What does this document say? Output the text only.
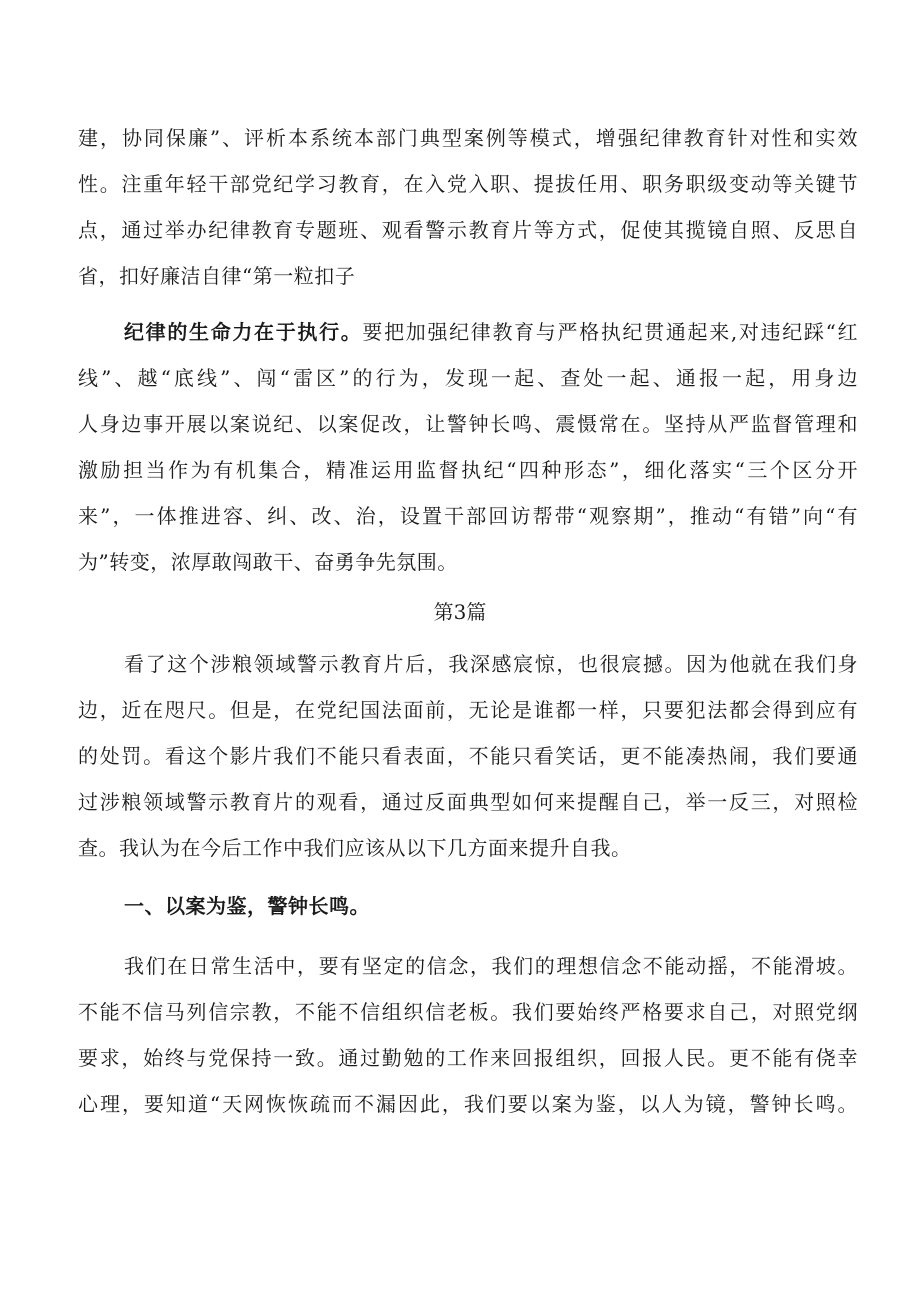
建，协同保廉”、评析本系统本部门典型案例等模式，增强纪律教育针对性和实效
性。注重年轻干部党纪学习教育，在入党入职、提拔任用、职务职级变动等关键节
点，通过举办纪律教育专题班、观看警示教育片等方式，促使其揽镜自照、反思自
省，扣好廉洁自律“第一粒扣子
纪律的生命力在于执行。要把加强纪律教育与严格执纪贯通起来,对违纪踩“红
线”、越“底线”、闯“雷区”的行为，发现一起、查处一起、通报一起，用身边
人身边事开展以案说纪、以案促改，让警钟长鸣、震慑常在。坚持从严监督管理和
激励担当作为有机集合，精准运用监督执纪“四种形态”，细化落实“三个区分开
来”，一体推进容、纠、改、治，设置干部回访帮带“观察期”，推动“有错”向“有
为”转变，浓厚敢闯敢干、奋勇争先氛围。
第3篇
看了这个涉粮领域警示教育片后，我深感宸惊，也很宸撼。因为他就在我们身
边，近在咫尺。但是，在党纪国法面前，无论是谁都一样，只要犯法都会得到应有
的处罚。看这个影片我们不能只看表面，不能只看笑话，更不能凑热闹，我们要通
过涉粮领域警示教育片的观看，通过反面典型如何来提醒自己，举一反三，对照检
查。我认为在今后工作中我们应该从以下几方面来提升自我。
一、以案为鉴，警钟长鸣。
我们在日常生活中，要有坚定的信念，我们的理想信念不能动摇，不能滑坡。
不能不信马列信宗教，不能不信组织信老板。我们要始终严格要求自己，对照党纲
要求，始终与党保持一致。通过勤勉的工作来回报组织，回报人民。更不能有侥幸
心理，要知道“天网恢恢疏而不漏因此，我们要以案为鉴，以人为镜，警钟长鸣。
